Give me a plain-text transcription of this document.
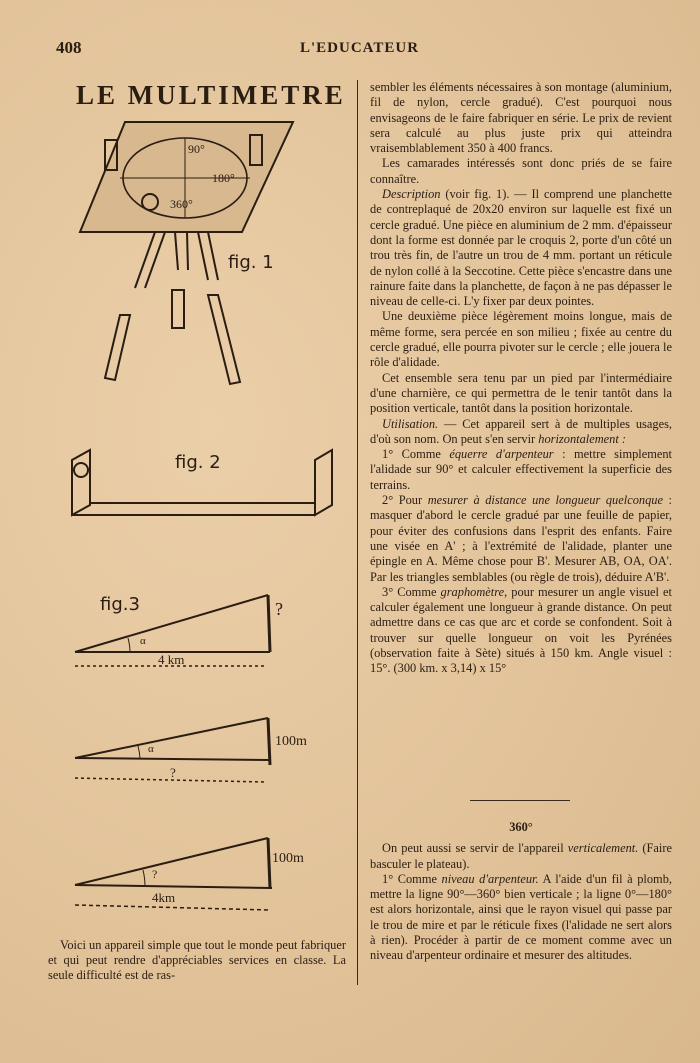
408	L'EDUCATEUR
LE MULTIMETRE
fig. 1
90°
180°
360°
fig. 2
fig.3
α
4 km
?
α	100m
?
?
100m
4km
Voici un appareil simple que tout le monde peut fabriquer et qui peut rendre d'appréciables services en classe. La seule difficulté est de ras-

sembler les éléments nécessaires à son montage (aluminium, fil de nylon, cercle gradué). C'est pourquoi nous envisageons de le faire fabriquer en série. Le prix de revient sera calculé au plus juste prix qui atteindra vraisemblablement 350 à 400 francs.

Les camarades intéressés sont donc priés de se faire connaître.

Description (voir fig. 1). — Il comprend une planchette de contreplaqué de 20x20 environ sur laquelle est fixé un cercle gradué. Une pièce en aluminium de 2 mm. d'épaisseur dont la forme est donnée par le croquis 2, porte d'un côté un trou très fin, de l'autre un trou de 4 mm. portant un réticule de nylon collé à la Seccotine. Cette pièce s'encastre dans une rainure faite dans la planchette, de façon à ne pas dépasser le niveau de celle-ci. L'y fixer par deux pointes.

Une deuxième pièce légèrement moins longue, mais de même forme, sera percée en son milieu ; fixée au centre du cercle gradué, elle pourra pivoter sur le cercle ; elle jouera le rôle d'alidade.

Cet ensemble sera tenu par un pied par l'intermédiaire d'une charnière, ce qui permettra de le tenir tantôt dans la position verticale, tantôt dans la position horizontale.

Utilisation. — Cet appareil sert à de multiples usages, d'où son nom. On peut s'en servir horizontalement :

1° Comme équerre d'arpenteur : mettre simplement l'alidade sur 90° et calculer effectivement la superficie des terrains.

2° Pour mesurer à distance une longueur quelconque : masquer d'abord le cercle gradué par une feuille de papier, pour éviter des confusions dans l'esprit des enfants. Faire une visée en A' ; à l'extrémité de l'alidade, planter une épingle en A. Même chose pour B'. Mesurer AB, OA, OA'. Par les triangles semblables (ou règle de trois), déduire A'B'.

3° Comme graphomètre, pour mesurer un angle visuel et calculer également une longueur à grande distance. On peut admettre dans ce cas que arc et corde se confondent. Soit à trouver sur quelle longueur on voit les Pyrénées (observation faite à Sète) situés à 150 km. Angle visuel : 15°. (300 km. x 3,14) x 15°

360°

On peut aussi se servir de l'appareil verticalement. (Faire basculer le plateau).

1° Comme niveau d'arpenteur. A l'aide d'un fil à plomb, mettre la ligne 90°—360° bien verticale ; la ligne 0°—180° est alors horizontale, ainsi que le rayon visuel qui passe par le trou de mire et par le réticule fixes (l'alidade ne sert alors à rien). Procéder à partir de ce moment comme avec un niveau d'arpenteur ordinaire et mesurer des altitudes.
